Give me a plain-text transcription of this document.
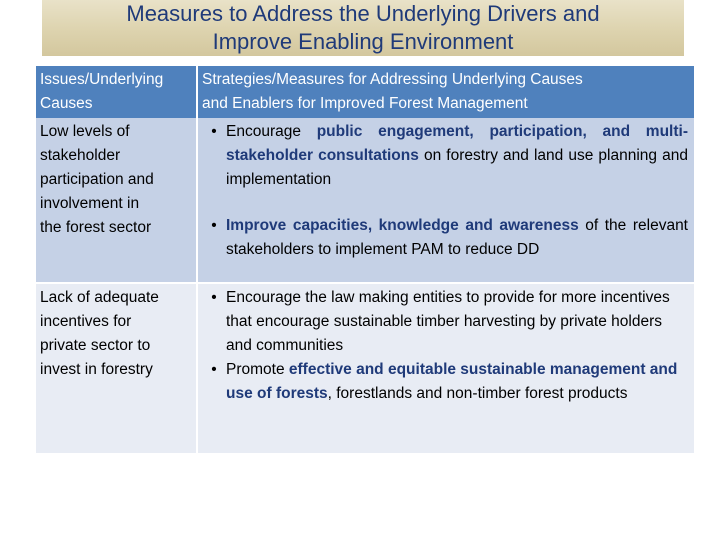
Measures to Address the Underlying Drivers and
Improve Enabling Environment
Issues/Underlying
Causes
Strategies/Measures for Addressing Underlying Causes
and Enablers for Improved Forest Management
Low levels of
stakeholder
participation and
involvement in
the forest sector
• Encourage public engagement, participation, and multi-stakeholder consultations on forestry and land use planning and implementation
• Improve capacities, knowledge and awareness of the relevant stakeholders to implement PAM to reduce DD
Lack of adequate
incentives for
private sector to
invest in forestry
• Encourage the law making entities to provide for more incentives that encourage sustainable timber harvesting by private holders and communities
• Promote effective and equitable sustainable management and use of forests, forestlands and non-timber forest products
